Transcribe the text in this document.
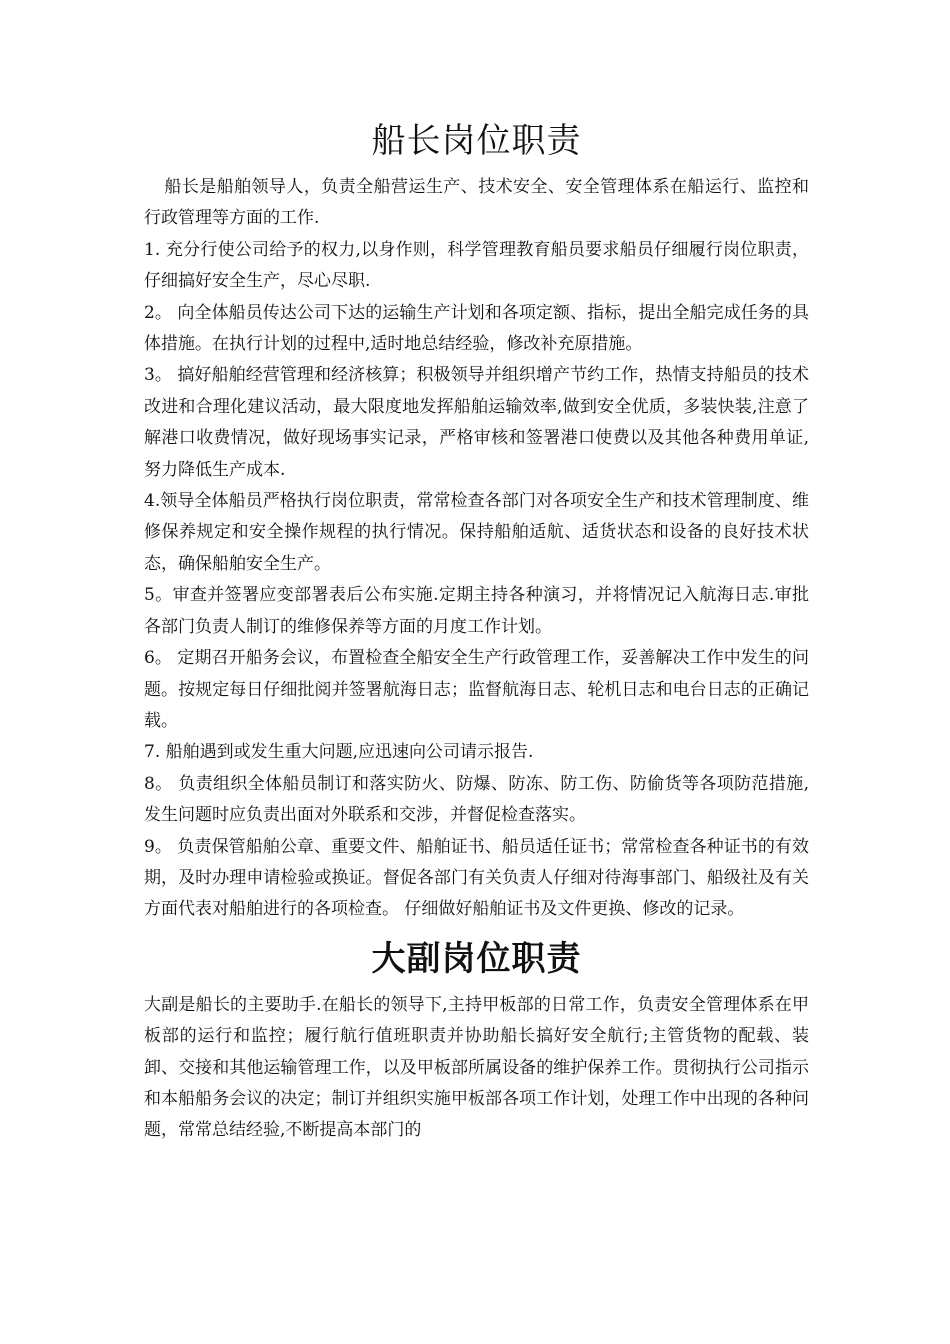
船长岗位职责

船长是船舶领导人，负责全船营运生产、技术安全、安全管理体系在船运行、监控和行政管理等方面的工作.

1. 充分行使公司给予的权力,以身作则，科学管理教育船员要求船员仔细履行岗位职责，仔细搞好安全生产，尽心尽职.

2。 向全体船员传达公司下达的运输生产计划和各项定额、指标，提出全船完成任务的具体措施。在执行计划的过程中,适时地总结经验，修改补充原措施。

3。 搞好船舶经营管理和经济核算；积极领导并组织增产节约工作，热情支持船员的技术改进和合理化建议活动，最大限度地发挥船舶运输效率,做到安全优质，多装快装,注意了解港口收费情况，做好现场事实记录，严格审核和签署港口使费以及其他各种费用单证,努力降低生产成本.

4.领导全体船员严格执行岗位职责，常常检查各部门对各项安全生产和技术管理制度、维修保养规定和安全操作规程的执行情况。保持船舶适航、适货状态和设备的良好技术状态，确保船舶安全生产。

5。审查并签署应变部署表后公布实施.定期主持各种演习，并将情况记入航海日志.审批各部门负责人制订的维修保养等方面的月度工作计划。

6。 定期召开船务会议，布置检查全船安全生产行政管理工作，妥善解决工作中发生的问题。按规定每日仔细批阅并签署航海日志；监督航海日志、轮机日志和电台日志的正确记载。

7. 船舶遇到或发生重大问题,应迅速向公司请示报告.

8。 负责组织全体船员制订和落实防火、防爆、防冻、防工伤、防偷货等各项防范措施,发生问题时应负责出面对外联系和交涉，并督促检查落实。

9。 负责保管船舶公章、重要文件、船舶证书、船员适任证书；常常检查各种证书的有效期，及时办理申请检验或换证。督促各部门有关负责人仔细对待海事部门、船级社及有关方面代表对船舶进行的各项检查。 仔细做好船舶证书及文件更换、修改的记录。

大副岗位职责

大副是船长的主要助手.在船长的领导下,主持甲板部的日常工作，负责安全管理体系在甲板部的运行和监控；履行航行值班职责并协助船长搞好安全航行;主管货物的配载、装卸、交接和其他运输管理工作，以及甲板部所属设备的维护保养工作。贯彻执行公司指示和本船船务会议的决定；制订并组织实施甲板部各项工作计划，处理工作中出现的各种问题，常常总结经验,不断提高本部门的
